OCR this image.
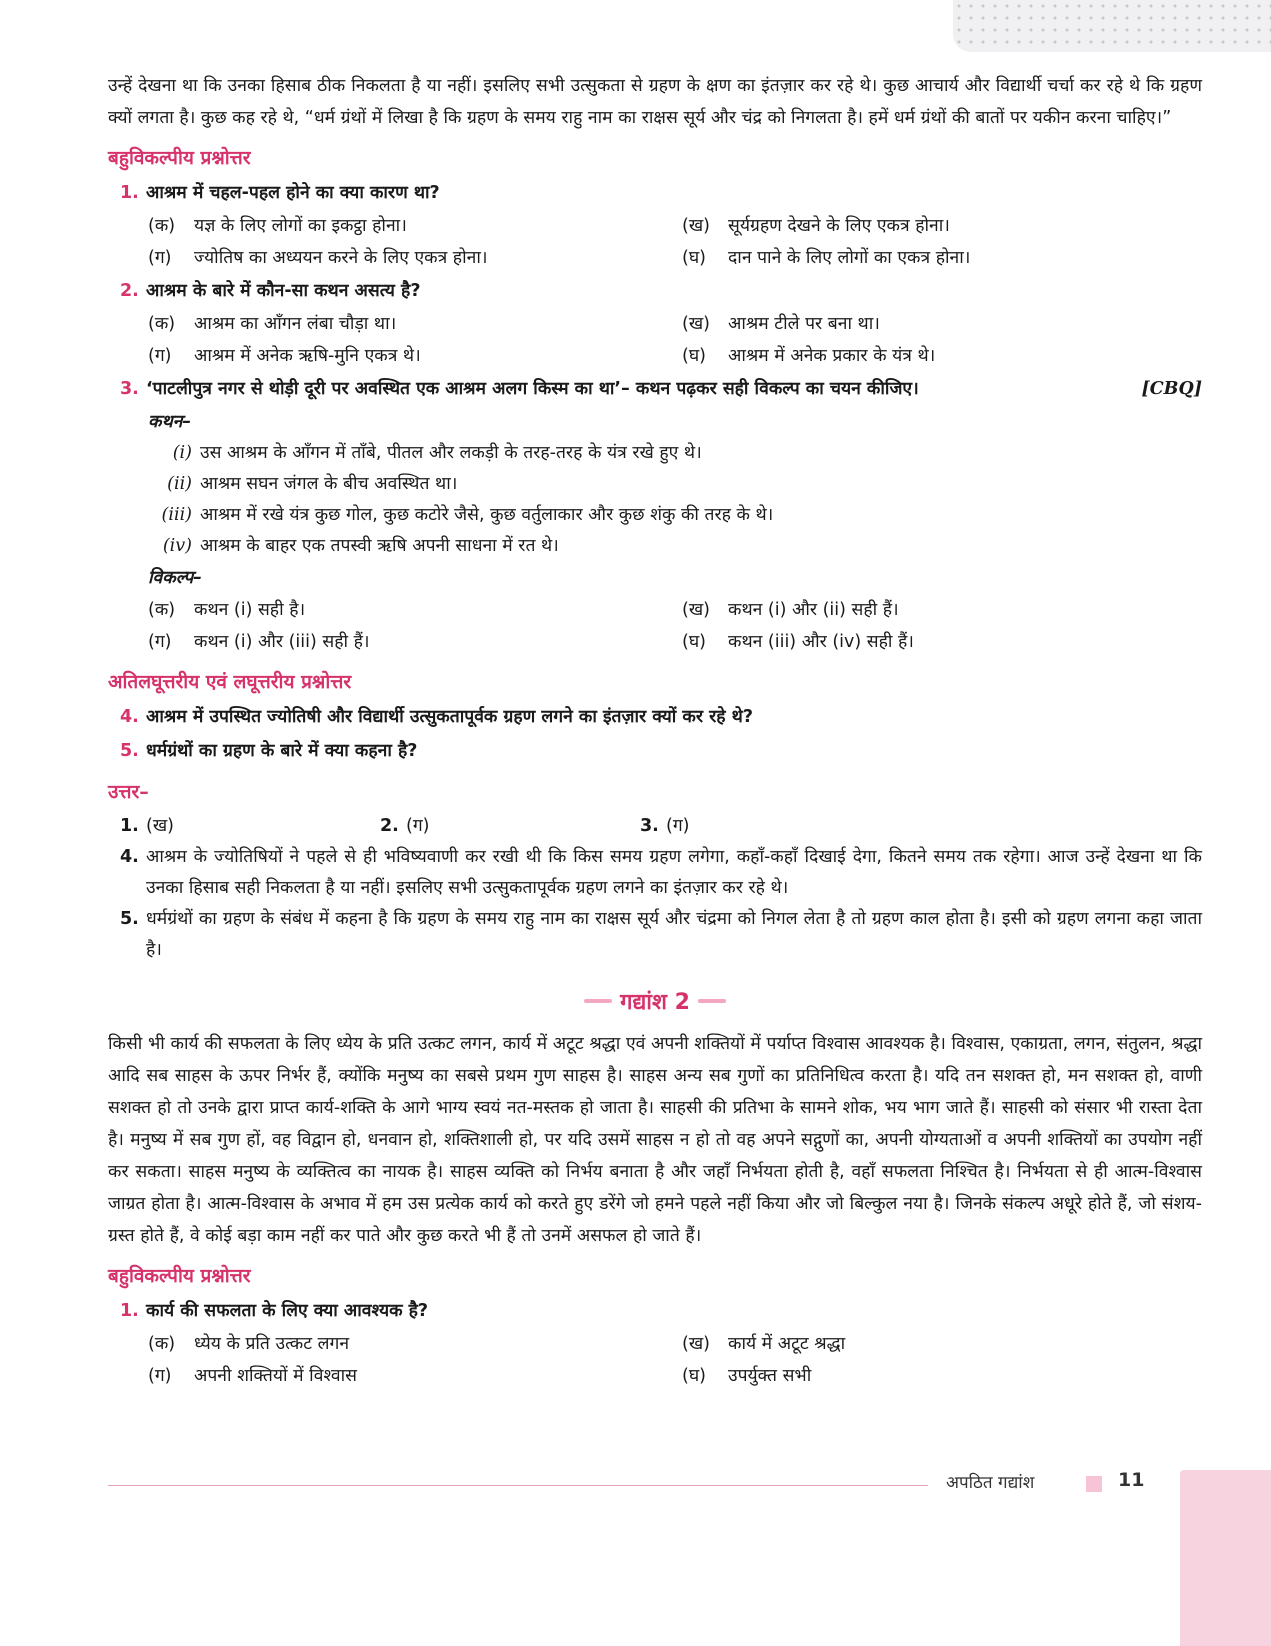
उन्हें देखना था कि उनका हिसाब ठीक निकलता है या नहीं। इसलिए सभी उत्सुकता से ग्रहण के क्षण का इंतज़ार कर रहे थे। कुछ आचार्य और विद्यार्थी चर्चा कर रहे थे कि ग्रहण क्यों लगता है। कुछ कह रहे थे, “धर्म ग्रंथों में लिखा है कि ग्रहण के समय राहु नाम का राक्षस सूर्य और चंद्र को निगलता है। हमें धर्म ग्रंथों की बातों पर यकीन करना चाहिए।”

बहुविकल्पीय प्रश्नोत्तर
1. आश्रम में चहल-पहल होने का क्या कारण था?
(क)	यज्ञ के लिए लोगों का इकट्ठा होना।	(ख)	सूर्यग्रहण देखने के लिए एकत्र होना।
(ग)	ज्योतिष का अध्ययन करने के लिए एकत्र होना।	(घ)	दान पाने के लिए लोगों का एकत्र होना।
2. आश्रम के बारे में कौन-सा कथन असत्य है?
(क)	आश्रम का आँगन लंबा चौड़ा था।	(ख)	आश्रम टीले पर बना था।
(ग)	आश्रम में अनेक ऋषि-मुनि एकत्र थे।	(घ)	आश्रम में अनेक प्रकार के यंत्र थे।
3. ‘पाटलीपुत्र नगर से थोड़ी दूरी पर अवस्थित एक आश्रम अलग किस्म का था’– कथन पढ़कर सही विकल्प का चयन कीजिए।	[CBQ]
कथन–
(i) उस आश्रम के आँगन में ताँबे, पीतल और लकड़ी के तरह-तरह के यंत्र रखे हुए थे।
(ii) आश्रम सघन जंगल के बीच अवस्थित था।
(iii) आश्रम में रखे यंत्र कुछ गोल, कुछ कटोरे जैसे, कुछ वर्तुलाकार और कुछ शंकु की तरह के थे।
(iv) आश्रम के बाहर एक तपस्वी ऋषि अपनी साधना में रत थे।
विकल्प–
(क)	कथन (i) सही है।	(ख)	कथन (i) और (ii) सही हैं।
(ग)	कथन (i) और (iii) सही हैं।	(घ)	कथन (iii) और (iv) सही हैं।
अतिलघूत्तरीय एवं लघूत्तरीय प्रश्नोत्तर
4. आश्रम में उपस्थित ज्योतिषी और विद्यार्थी उत्सुकतापूर्वक ग्रहण लगने का इंतज़ार क्यों कर रहे थे?
5. धर्मग्रंथों का ग्रहण के बारे में क्या कहना है?
उत्तर–
1. (ख)	2. (ग)	3. (ग)
4. आश्रम के ज्योतिषियों ने पहले से ही भविष्यवाणी कर रखी थी कि किस समय ग्रहण लगेगा, कहाँ-कहाँ दिखाई देगा, कितने समय तक रहेगा। आज उन्हें देखना था कि उनका हिसाब सही निकलता है या नहीं। इसलिए सभी उत्सुकतापूर्वक ग्रहण लगने का इंतज़ार कर रहे थे।
5. धर्मग्रंथों का ग्रहण के संबंध में कहना है कि ग्रहण के समय राहु नाम का राक्षस सूर्य और चंद्रमा को निगल लेता है तो ग्रहण काल होता है। इसी को ग्रहण लगना कहा जाता है।
गद्यांश 2

किसी भी कार्य की सफलता के लिए ध्येय के प्रति उत्कट लगन, कार्य में अटूट श्रद्धा एवं अपनी शक्तियों में पर्याप्त विश्वास आवश्यक है। विश्वास, एकाग्रता, लगन, संतुलन, श्रद्धा आदि सब साहस के ऊपर निर्भर हैं, क्योंकि मनुष्य का सबसे प्रथम गुण साहस है। साहस अन्य सब गुणों का प्रतिनिधित्व करता है। यदि तन सशक्त हो, मन सशक्त हो, वाणी सशक्त हो तो उनके द्वारा प्राप्त कार्य-शक्ति के आगे भाग्य स्वयं नत-मस्तक हो जाता है। साहसी की प्रतिभा के सामने शोक, भय भाग जाते हैं। साहसी को संसार भी रास्ता देता है। मनुष्य में सब गुण हों, वह विद्वान हो, धनवान हो, शक्तिशाली हो, पर यदि उसमें साहस न हो तो वह अपने सद्गुणों का, अपनी योग्यताओं व अपनी शक्तियों का उपयोग नहीं कर सकता। साहस मनुष्य के व्यक्तित्व का नायक है। साहस व्यक्ति को निर्भय बनाता है और जहाँ निर्भयता होती है, वहाँ सफलता निश्चित है। निर्भयता से ही आत्म-विश्वास जाग्रत होता है। आत्म-विश्वास के अभाव में हम उस प्रत्येक कार्य को करते हुए डरेंगे जो हमने पहले नहीं किया और जो बिल्कुल नया है। जिनके संकल्प अधूरे होते हैं, जो संशय-ग्रस्त होते हैं, वे कोई बड़ा काम नहीं कर पाते और कुछ करते भी हैं तो उनमें असफल हो जाते हैं।

बहुविकल्पीय प्रश्नोत्तर
1. कार्य की सफलता के लिए क्या आवश्यक है?
(क)	ध्येय के प्रति उत्कट लगन	(ख)	कार्य में अटूट श्रद्धा
(ग)	अपनी शक्तियों में विश्वास	(घ)	उपर्युक्त सभी
अपठित गद्यांश	11
